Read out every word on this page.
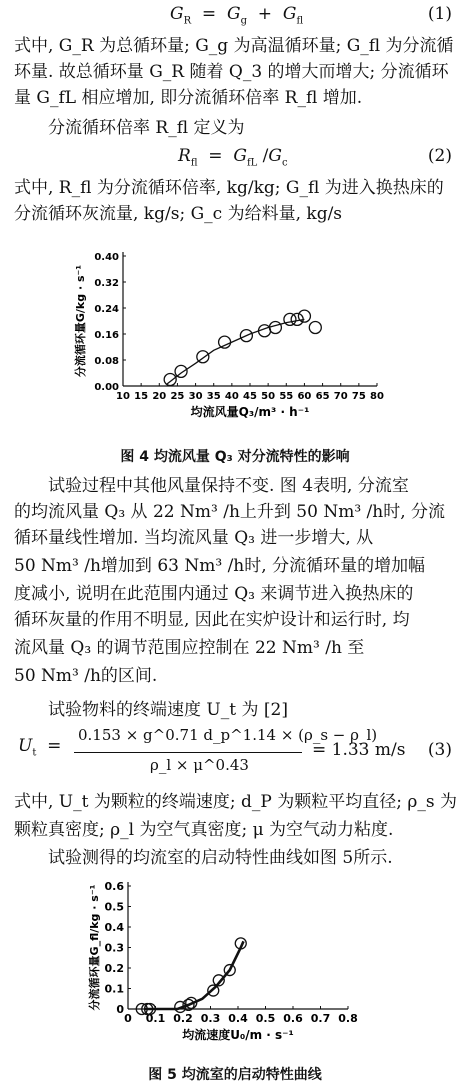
$G_R = G_g + G_{fl}$	(1)
式中, G_R 为总循环量; G_g 为高温循环量; G_fl 为分流循
环量. 故总循环量 G_R 随着 Q_3 的增大而增大; 分流循环
量 G_fL 相应增加, 即分流循环倍率 R_fl 增加.
分流循环倍率 R_fl 定义为
$R_{fl} = G_{fL}$ $/G_c$	(2)
式中, R_fl 为分流循环倍率, kg/kg; G_fl 为进入换热床的
分流循环灰流量, kg/s; G_c 为给料量, kg/s
10 15 20 25 30 35 40 45 50 55 60 65 70 75 80
0.00
0.08
0.16
0.24
0.32
0.40
均流风量Q₃/m³ · h⁻¹
分流循环量G/kg · s⁻¹
图 4 均流风量 Q₃ 对分流特性的影响
试验过程中其他风量保持不变. 图 4表明, 分流室
的均流风量 Q₃ 从 22 Nm³ /h上升到 50 Nm³ /h时, 分流
循环量线性增加. 当均流风量 Q₃ 进一步增大, 从
50 Nm³ /h增加到 63 Nm³ /h时, 分流循环量的增加幅
度减小, 说明在此范围内通过 Q₃ 来调节进入换热床的
循环灰量的作用不明显, 因此在实炉设计和运行时, 均
流风量 Q₃ 的调节范围应控制在 22 Nm³ /h 至
50 Nm³ /h的区间.
试验物料的终端速度 U_t 为 [2]
$U_t$  =
0.153 × g^0.71 d_p^1.14 × (ρ_s − ρ_l)
ρ_l × μ^0.43
= 1.33 m/s (3)
式中, U_t 为颗粒的终端速度; d_P 为颗粒平均直径; ρ_s 为
颗粒真密度; ρ_l 为空气真密度; μ 为空气动力粘度.
试验测得的均流室的启动特性曲线如图 5所示.
0 0.1 0.2 0.3 0.4 0.5 0.6 0.7 0.8
0
0.1
0.2
0.3
0.4
0.5
0.6
均流速度U₀/m · s⁻¹
分流循环量G_fl/kg · s⁻¹
图 5 均流室的启动特性曲线
